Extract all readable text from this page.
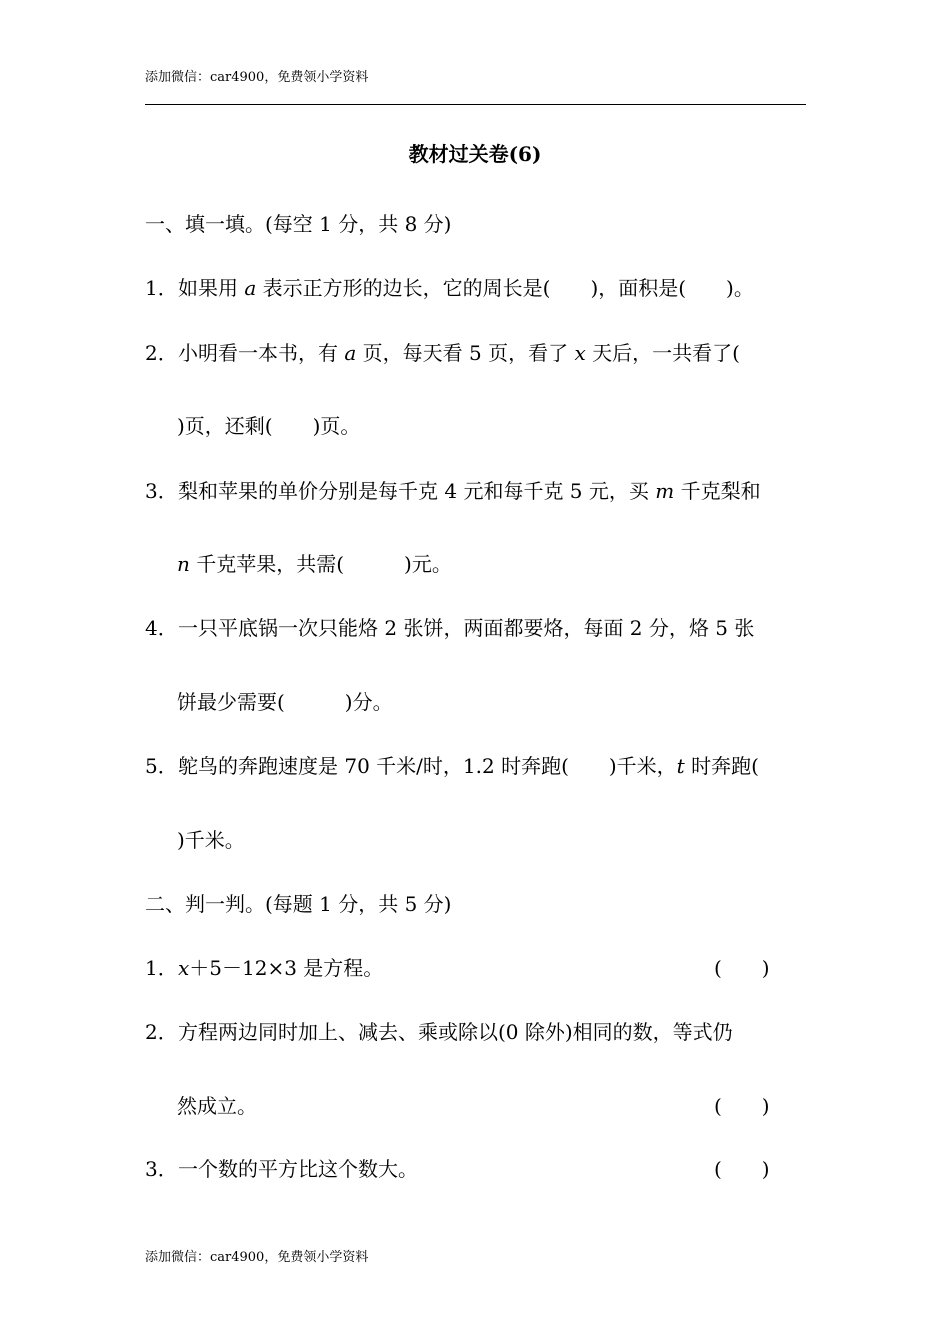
添加微信：car4900，免费领小学资料
教材过关卷(6)
一、填一填。(每空 1 分，共 8 分)
1．如果用 a 表示正方形的边长，它的周长是(　　)，面积是(　　)。
2．小明看一本书，有 a 页，每天看 5 页，看了 x 天后，一共看了(
)页，还剩(　　)页。
3．梨和苹果的单价分别是每千克 4 元和每千克 5 元，买 m 千克梨和
n 千克苹果，共需(　　　)元。
4．一只平底锅一次只能烙 2 张饼，两面都要烙，每面 2 分，烙 5 张
饼最少需要(　　　)分。
5．鸵鸟的奔跑速度是 70 千米/时，1.2 时奔跑(　　)千米，t 时奔跑(
)千米。
二、判一判。(每题 1 分，共 5 分)
1．x＋5－12×3 是方程。	(　　)
2．方程两边同时加上、减去、乘或除以(0 除外)相同的数，等式仍
然成立。	(　　)
3．一个数的平方比这个数大。	(　　)
添加微信：car4900，免费领小学资料
